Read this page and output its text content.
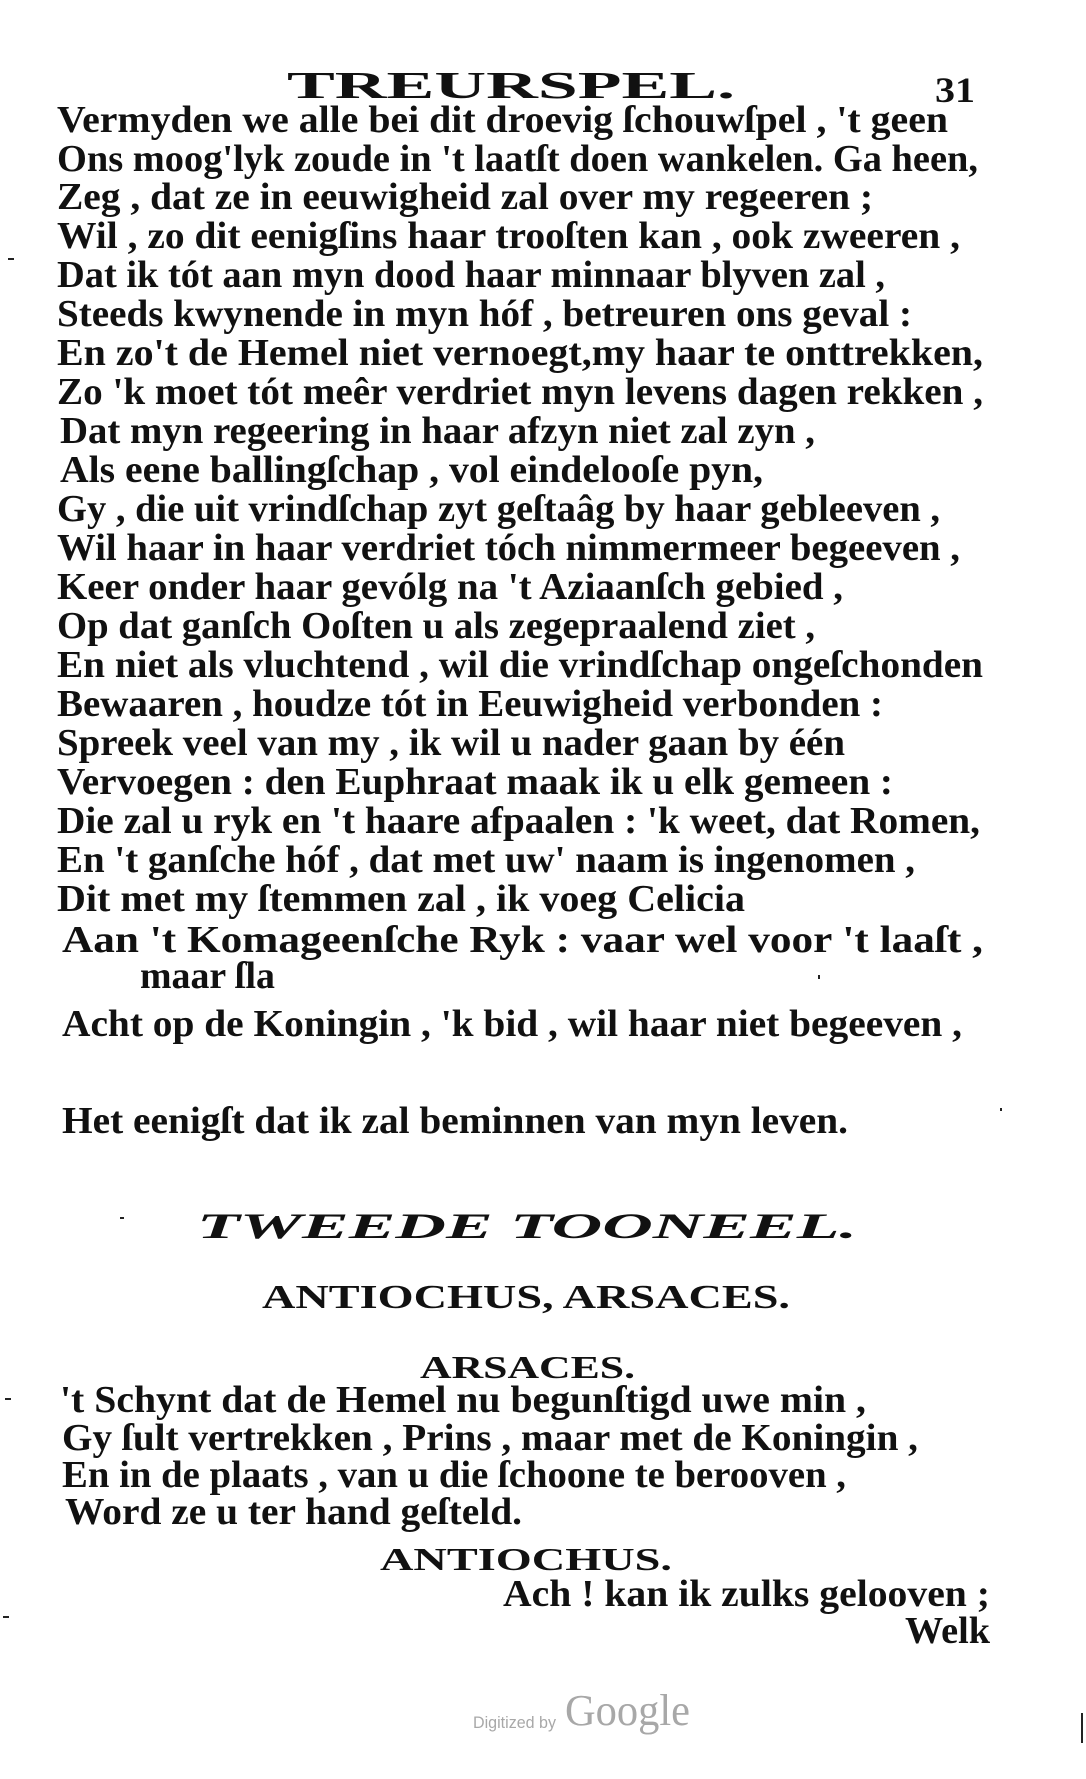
TREURSPEL.	31
Vermyden we alle bei dit droevig ſchouwſpel , 't geen
Ons moog'lyk zoude in 't laatſt doen wankelen. Ga heen,
Zeg , dat ze in eeuwigheid zal over my regeeren ;
Wil , zo dit eenigſins haar trooſten kan , ook zweeren ,
Dat ik tót aan myn dood haar minnaar blyven zal ,
Steeds kwynende in myn hóf , betreuren ons geval :
En zo't de Hemel niet vernoegt,my haar te onttrekken,
Zo 'k moet tót meêr verdriet myn levens dagen rekken ,
Dat myn regeering in haar afzyn niet zal zyn ,
Als eene ballingſchap , vol eindelooſe pyn,
Gy , die uit vrindſchap zyt geſtaâg by haar gebleeven ,
Wil haar in haar verdriet tóch nimmermeer begeeven ,
Keer onder haar gevólg na 't Aziaanſch gebied ,
Op dat ganſch Ooſten u als zegepraalend ziet ,
En niet als vluchtend , wil die vrindſchap ongeſchonden
Bewaaren , houdze tót in Eeuwigheid verbonden :
Spreek veel van my , ik wil u nader gaan by één
Vervoegen : den Euphraat maak ik u elk gemeen :
Die zal u ryk en 't haare afpaalen : 'k weet, dat Romen,
En 't ganſche hóf , dat met uw' naam is ingenomen ,
Dit met my ſtemmen zal , ik voeg Celicia
Aan 't Komageenſche Ryk : vaar wel voor 't laaſt ,
maar ſla
Acht op de Koningin , 'k bid , wil haar niet begeeven ,
Het eenigſt dat ik zal beminnen van myn leven.
TWEEDE TOONEEL.
ANTIOCHUS, ARSACES.
ARSACES.
't Schynt dat de Hemel nu begunſtigd uwe min ,
Gy ſult vertrekken , Prins , maar met de Koningin ,
En in de plaats , van u die ſchoone te berooven ,
Word ze u ter hand geſteld.
ANTIOCHUS.
Ach ! kan ik zulks gelooven ;
Welk
Digitized by Google
